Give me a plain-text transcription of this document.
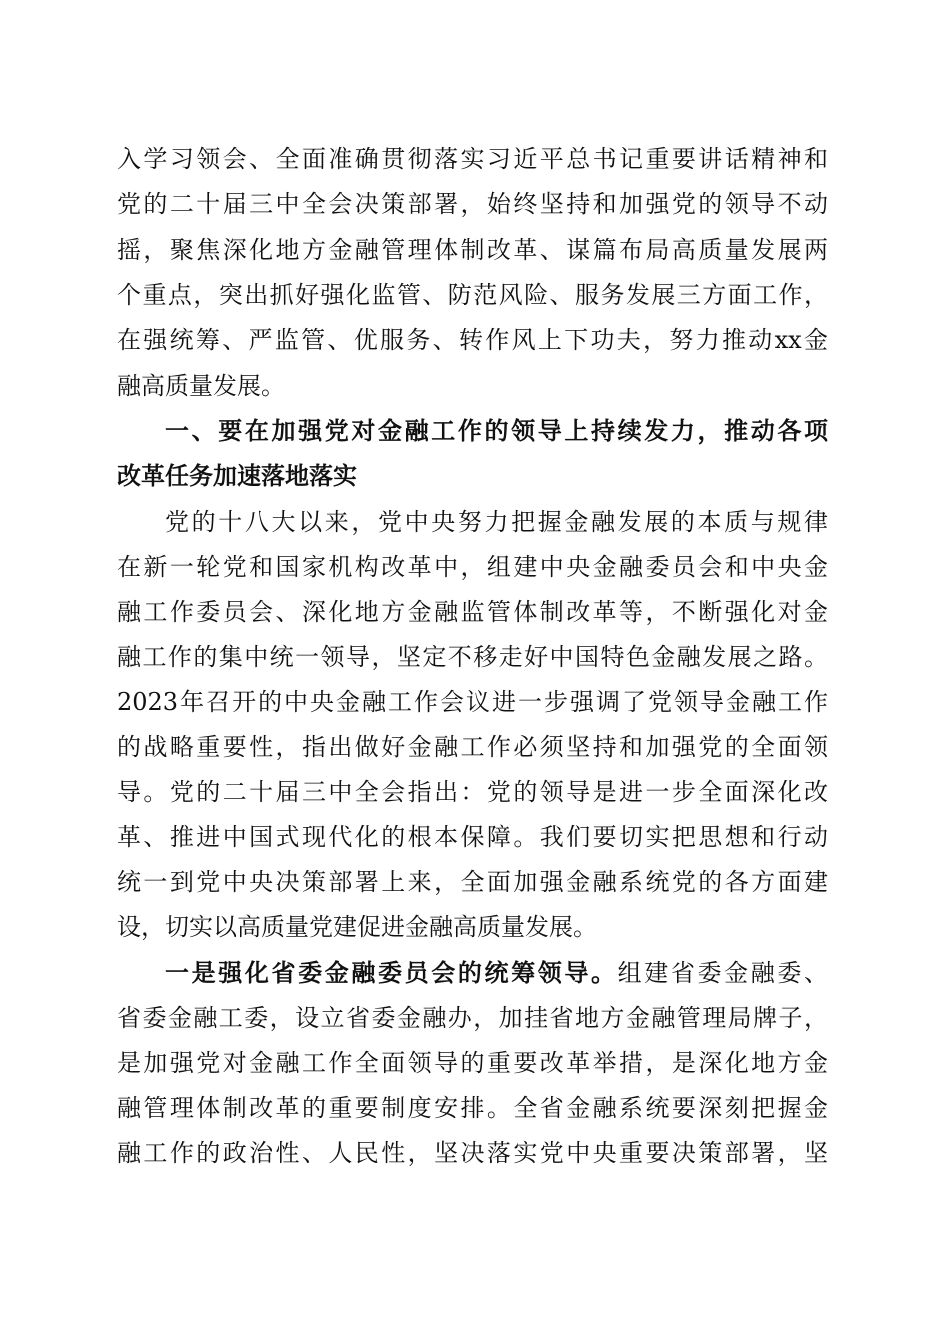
入学习领会、全面准确贯彻落实习近平总书记重要讲话精神和
党的二十届三中全会决策部署，始终坚持和加强党的领导不动
摇，聚焦深化地方金融管理体制改革、谋篇布局高质量发展两
个重点，突出抓好强化监管、防范风险、服务发展三方面工作，
在强统筹、严监管、优服务、转作风上下功夫，努力推动xx金
融高质量发展。
一、要在加强党对金融工作的领导上持续发力，推动各项
改革任务加速落地落实
党的十八大以来，党中央努力把握金融发展的本质与规律
在新一轮党和国家机构改革中，组建中央金融委员会和中央金
融工作委员会、深化地方金融监管体制改革等，不断强化对金
融工作的集中统一领导，坚定不移走好中国特色金融发展之路。
2023年召开的中央金融工作会议进一步强调了党领导金融工作
的战略重要性，指出做好金融工作必须坚持和加强党的全面领
导。党的二十届三中全会指出：党的领导是进一步全面深化改
革、推进中国式现代化的根本保障。我们要切实把思想和行动
统一到党中央决策部署上来，全面加强金融系统党的各方面建
设，切实以高质量党建促进金融高质量发展。
一是强化省委金融委员会的统筹领导。组建省委金融委、
省委金融工委，设立省委金融办，加挂省地方金融管理局牌子，
是加强党对金融工作全面领导的重要改革举措，是深化地方金
融管理体制改革的重要制度安排。全省金融系统要深刻把握金
融工作的政治性、人民性，坚决落实党中央重要决策部署，坚
